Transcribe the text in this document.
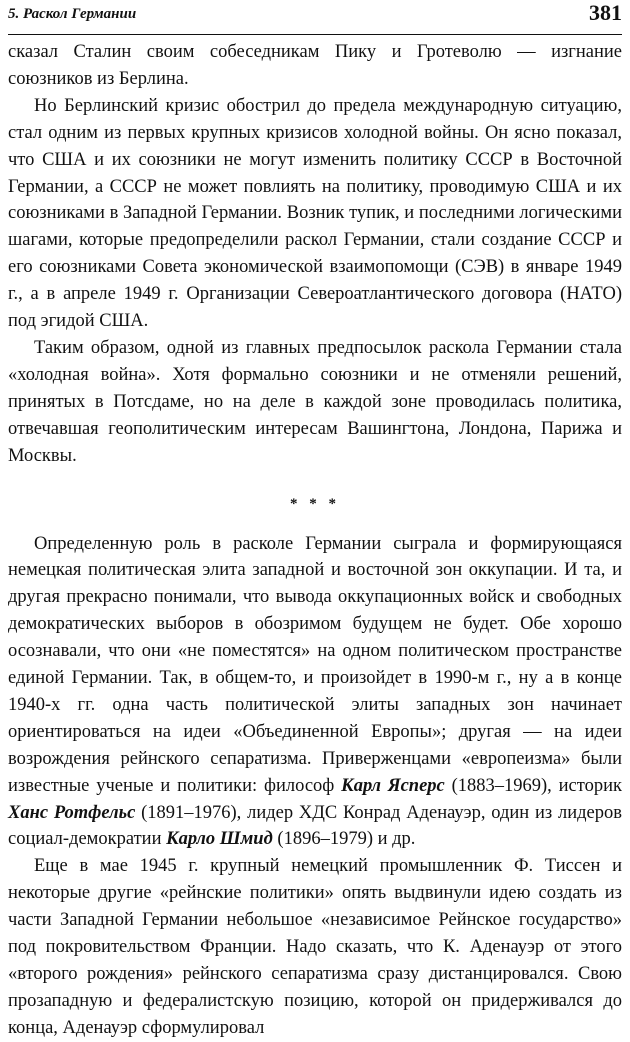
5. Раскол Германии	381

сказал Сталин своим собеседникам Пику и Гротеволю — изгнание союзников из Берлина.

Но Берлинский кризис обострил до предела международную ситуацию, стал одним из первых крупных кризисов холодной войны. Он ясно показал, что США и их союзники не могут изменить политику СССР в Восточной Германии, а СССР не может повлиять на политику, проводимую США и их союзниками в Западной Германии. Возник тупик, и последними логическими шагами, которые предопределили раскол Германии, стали создание СССР и его союзниками Совета экономической взаимопомощи (СЭВ) в январе 1949 г., а в апреле 1949 г. Организации Североатлантического договора (НАТО) под эгидой США.

Таким образом, одной из главных предпосылок раскола Германии стала «холодная война». Хотя формально союзники и не отменяли решений, принятых в Потсдаме, но на деле в каждой зоне проводилась политика, отвечавшая геополитическим интересам Вашингтона, Лондона, Парижа и Москвы.

* * *

Определенную роль в расколе Германии сыграла и формирующаяся немецкая политическая элита западной и восточной зон оккупации. И та, и другая прекрасно понимали, что вывода оккупационных войск и свободных демократических выборов в обозримом будущем не будет. Обе хорошо осознавали, что они «не поместятся» на одном политическом пространстве единой Германии. Так, в общем-то, и произойдет в 1990-м г., ну а в конце 1940-х гг. одна часть политической элиты западных зон начинает ориентироваться на идеи «Объединенной Европы»; другая — на идеи возрождения рейнского сепаратизма. Приверженцами «европеизма» были известные ученые и политики: философ Карл Ясперс (1883–1969), историк Ханс Ротфельс (1891–1976), лидер ХДС Конрад Аденауэр, один из лидеров социал-демократии Карло Шмид (1896–1979) и др.

Еще в мае 1945 г. крупный немецкий промышленник Ф. Тиссен и некоторые другие «рейнские политики» опять выдвинули идею создать из части Западной Германии небольшое «независимое Рейнское государство» под покровительством Франции. Надо сказать, что К. Аденауэр от этого «второго рождения» рейнского сепаратизма сразу дистанцировался. Свою прозападную и федералистскую позицию, которой он придерживался до конца, Аденауэр сформулировал
